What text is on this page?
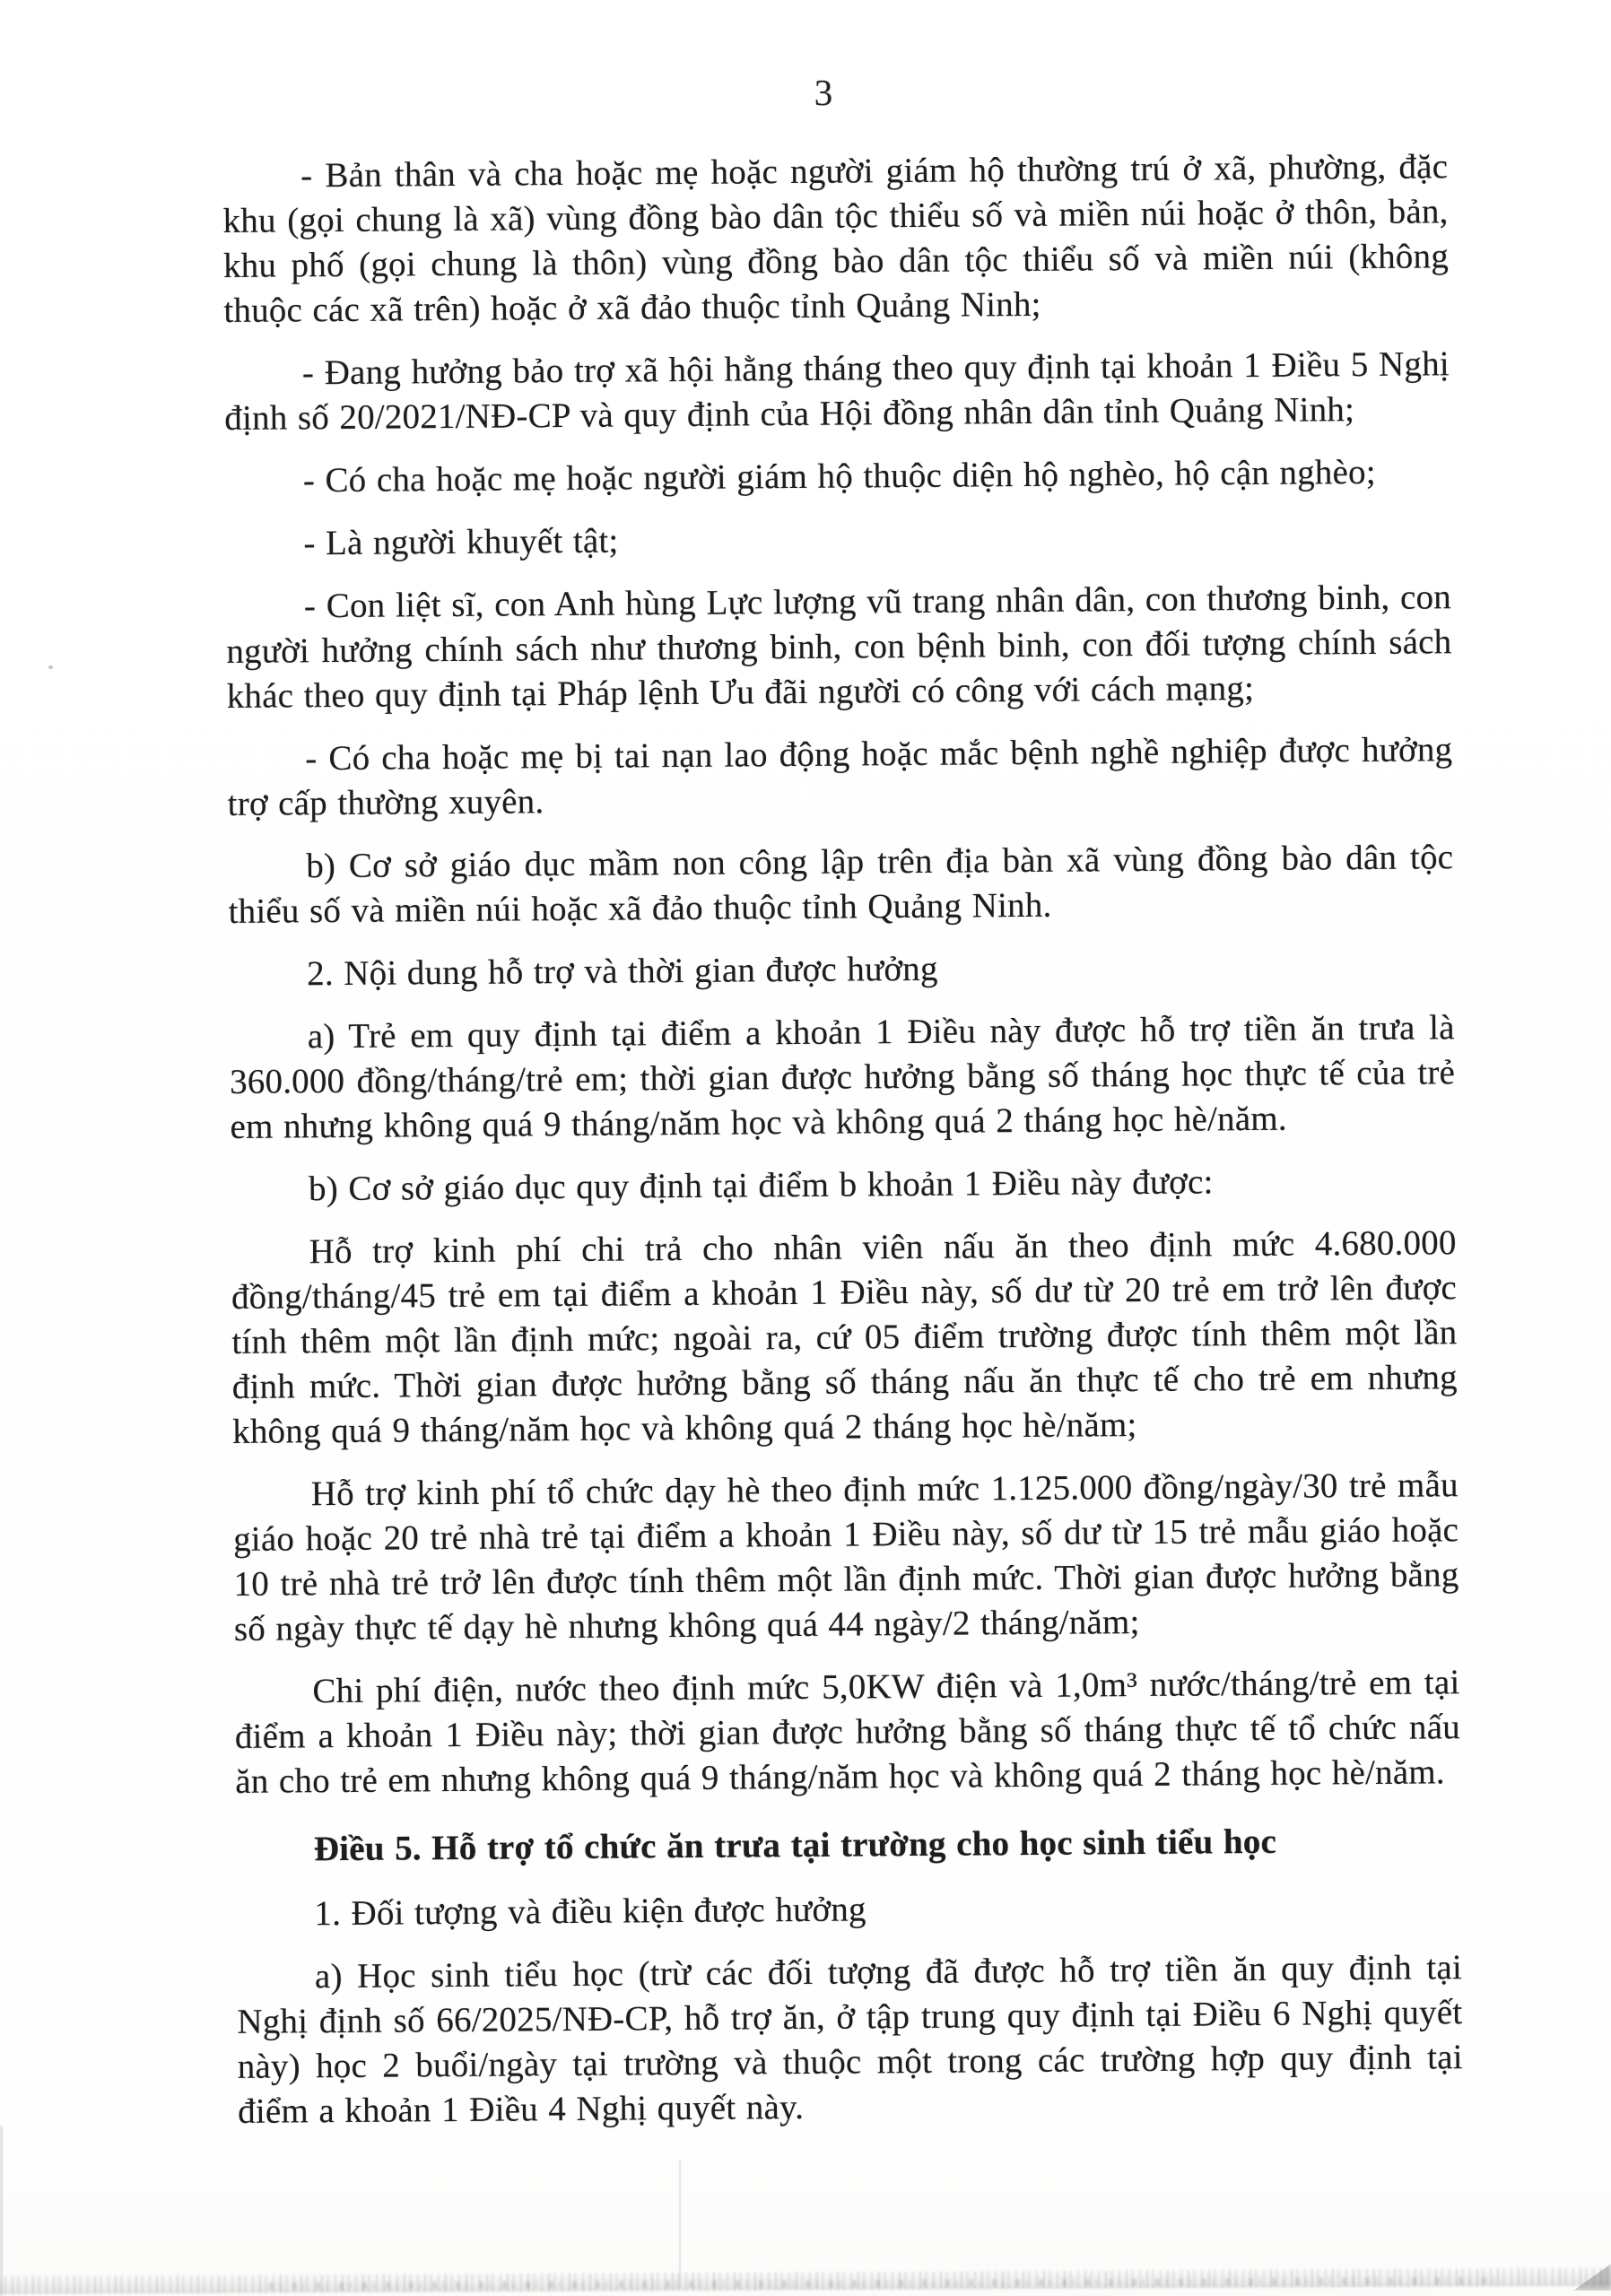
3

- Bản thân và cha hoặc mẹ hoặc người giám hộ thường trú ở xã, phường, đặc khu (gọi chung là xã) vùng đồng bào dân tộc thiểu số và miền núi hoặc ở thôn, bản, khu phố (gọi chung là thôn) vùng đồng bào dân tộc thiểu số và miền núi (không thuộc các xã trên) hoặc ở xã đảo thuộc tỉnh Quảng Ninh;

- Đang hưởng bảo trợ xã hội hằng tháng theo quy định tại khoản 1 Điều 5 Nghị định số 20/2021/NĐ-CP và quy định của Hội đồng nhân dân tỉnh Quảng Ninh;

- Có cha hoặc mẹ hoặc người giám hộ thuộc diện hộ nghèo, hộ cận nghèo;

- Là người khuyết tật;

- Con liệt sĩ, con Anh hùng Lực lượng vũ trang nhân dân, con thương binh, con người hưởng chính sách như thương binh, con bệnh binh, con đối tượng chính sách khác theo quy định tại Pháp lệnh Ưu đãi người có công với cách mạng;

- Có cha hoặc mẹ bị tai nạn lao động hoặc mắc bệnh nghề nghiệp được hưởng trợ cấp thường xuyên.

b) Cơ sở giáo dục mầm non công lập trên địa bàn xã vùng đồng bào dân tộc thiểu số và miền núi hoặc xã đảo thuộc tỉnh Quảng Ninh.

2. Nội dung hỗ trợ và thời gian được hưởng

a) Trẻ em quy định tại điểm a khoản 1 Điều này được hỗ trợ tiền ăn trưa là 360.000 đồng/tháng/trẻ em; thời gian được hưởng bằng số tháng học thực tế của trẻ em nhưng không quá 9 tháng/năm học và không quá 2 tháng học hè/năm.

b) Cơ sở giáo dục quy định tại điểm b khoản 1 Điều này được:

Hỗ trợ kinh phí chi trả cho nhân viên nấu ăn theo định mức 4.680.000 đồng/tháng/45 trẻ em tại điểm a khoản 1 Điều này, số dư từ 20 trẻ em trở lên được tính thêm một lần định mức; ngoài ra, cứ 05 điểm trường được tính thêm một lần định mức. Thời gian được hưởng bằng số tháng nấu ăn thực tế cho trẻ em nhưng không quá 9 tháng/năm học và không quá 2 tháng học hè/năm;

Hỗ trợ kinh phí tổ chức dạy hè theo định mức 1.125.000 đồng/ngày/30 trẻ mẫu giáo hoặc 20 trẻ nhà trẻ tại điểm a khoản 1 Điều này, số dư từ 15 trẻ mẫu giáo hoặc 10 trẻ nhà trẻ trở lên được tính thêm một lần định mức. Thời gian được hưởng bằng số ngày thực tế dạy hè nhưng không quá 44 ngày/2 tháng/năm;

Chi phí điện, nước theo định mức 5,0KW điện và 1,0m³ nước/tháng/trẻ em tại điểm a khoản 1 Điều này; thời gian được hưởng bằng số tháng thực tế tổ chức nấu ăn cho trẻ em nhưng không quá 9 tháng/năm học và không quá 2 tháng học hè/năm.

Điều 5. Hỗ trợ tổ chức ăn trưa tại trường cho học sinh tiểu học

1. Đối tượng và điều kiện được hưởng

a) Học sinh tiểu học (trừ các đối tượng đã được hỗ trợ tiền ăn quy định tại Nghị định số 66/2025/NĐ-CP, hỗ trợ ăn, ở tập trung quy định tại Điều 6 Nghị quyết này) học 2 buổi/ngày tại trường và thuộc một trong các trường hợp quy định tại điểm a khoản 1 Điều 4 Nghị quyết này.
